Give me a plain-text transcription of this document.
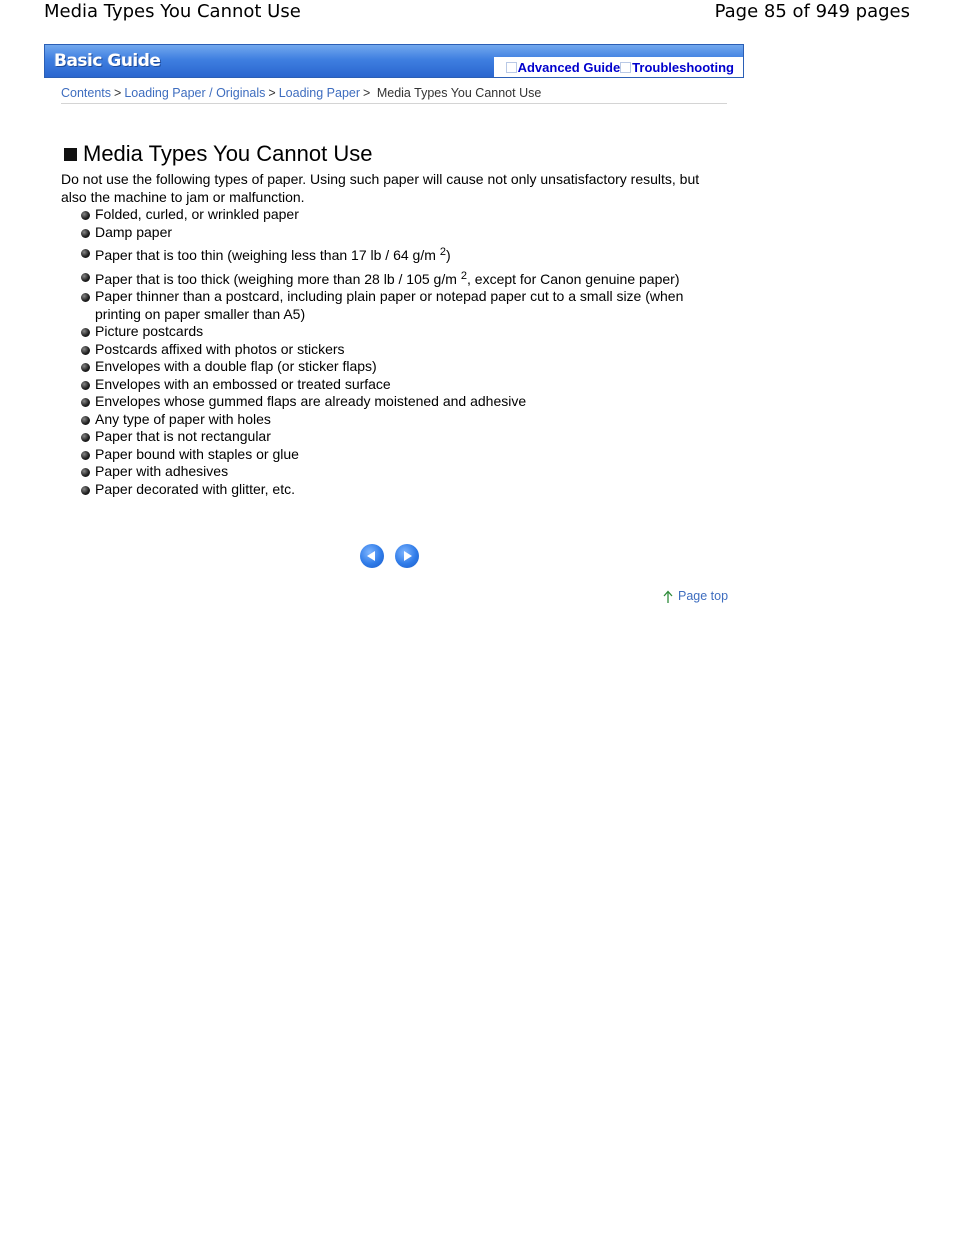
Media Types You Cannot Use	Page 85 of 949 pages
Basic Guide	Advanced Guide Troubleshooting
Contents > Loading Paper / Originals > Loading Paper > Media Types You Cannot Use
Media Types You Cannot Use

Do not use the following types of paper. Using such paper will cause not only unsatisfactory results, but also the machine to jam or malfunction.

Folded, curled, or wrinkled paper
Damp paper
Paper that is too thin (weighing less than 17 lb / 64 g/m $^2$)
Paper that is too thick (weighing more than 28 lb / 105 g/m $^2$, except for Canon genuine paper)
Paper thinner than a postcard, including plain paper or notepad paper cut to a small size (when printing on paper smaller than A5)
Picture postcards
Postcards affixed with photos or stickers
Envelopes with a double flap (or sticker flaps)
Envelopes with an embossed or treated surface
Envelopes whose gummed flaps are already moistened and adhesive
Any type of paper with holes
Paper that is not rectangular
Paper bound with staples or glue
Paper with adhesives
Paper decorated with glitter, etc.
Page top
